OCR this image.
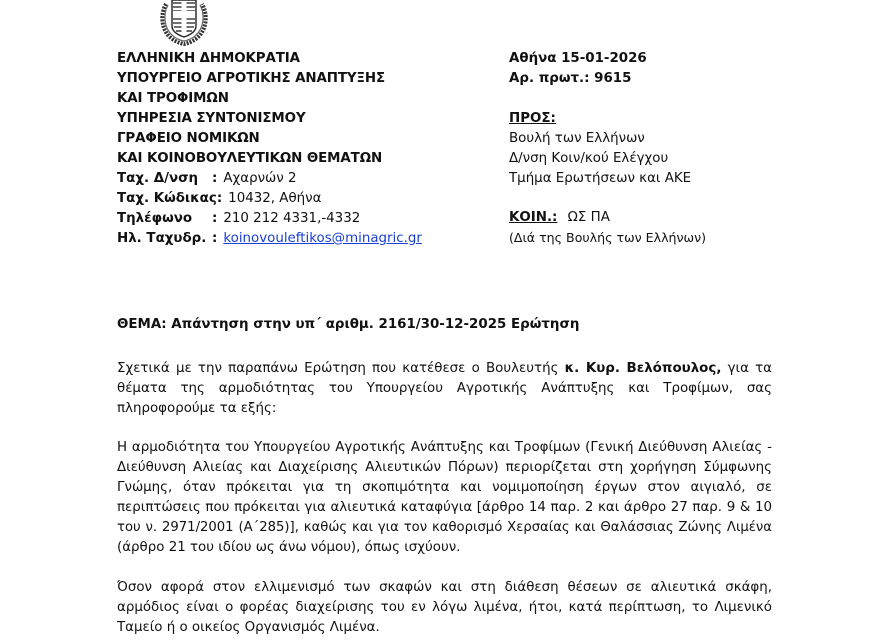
ΕΛΛΗΝΙΚΗ ΔΗΜΟΚΡΑΤΙΑ
ΥΠΟΥΡΓΕΙΟ ΑΓΡΟΤΙΚΗΣ ΑΝΑΠΤΥΞΗΣ
ΚΑΙ ΤΡΟΦΙΜΩΝ
ΥΠΗΡΕΣΙΑ ΣΥΝΤΟΝΙΣΜΟΥ
ΓΡΑΦΕΙΟ ΝΟΜΙΚΩΝ
ΚΑΙ ΚΟΙΝΟΒΟΥΛΕΥΤΙΚΩΝ ΘΕΜΑΤΩΝ
Ταχ. Δ/νση	: Αχαρνών 2
Ταχ. Κώδικας : 10432, Αθήνα
Τηλέφωνο	: 210 212 4331,-4332
Ηλ. Ταχυδρ. : koinovouleftikos@minagric.gr
Αθήνα 15-01-2026
Αρ. πρωτ.: 9615
ΠΡΟΣ:
Βουλή των Ελλήνων
Δ/νση Κοιν/κού Ελέγχου
Τμήμα Ερωτήσεων και ΑΚΕ
ΚΟΙΝ.: ΩΣ ΠΑ
(Διά της Βουλής των Ελλήνων)
ΘΕΜΑ: Απάντηση στην υπ΄ αριθμ. 2161/30-12-2025 Ερώτηση
Σχετικά με την παραπάνω Ερώτηση που κατέθεσε ο Βουλευτής κ. Κυρ. Βελόπουλος, για τα
θέματα της αρμοδιότητας του Υπουργείου Αγροτικής Ανάπτυξης και Τροφίμων, σας
πληροφορούμε τα εξής:
Η αρμοδιότητα του Υπουργείου Αγροτικής Ανάπτυξης και Τροφίμων (Γενική Διεύθυνση Αλιείας -
Διεύθυνση Αλιείας και Διαχείρισης Αλιευτικών Πόρων) περιορίζεται στη χορήγηση Σύμφωνης
Γνώμης, όταν πρόκειται για τη σκοπιμότητα και νομιμοποίηση έργων στον αιγιαλό, σε
περιπτώσεις που πρόκειται για αλιευτικά καταφύγια [άρθρο 14 παρ. 2 και άρθρο 27 παρ. 9 & 10
του ν. 2971/2001 (Α΄285)], καθώς και για τον καθορισμό Χερσαίας και Θαλάσσιας Ζώνης Λιμένα
(άρθρο 21 του ιδίου ως άνω νόμου), όπως ισχύουν.
Όσον αφορά στον ελλιμενισμό των σκαφών και στη διάθεση θέσεων σε αλιευτικά σκάφη,
αρμόδιος είναι ο φορέας διαχείρισης του εν λόγω λιμένα, ήτοι, κατά περίπτωση, το Λιμενικό
Ταμείο ή ο οικείος Οργανισμός Λιμένα.
